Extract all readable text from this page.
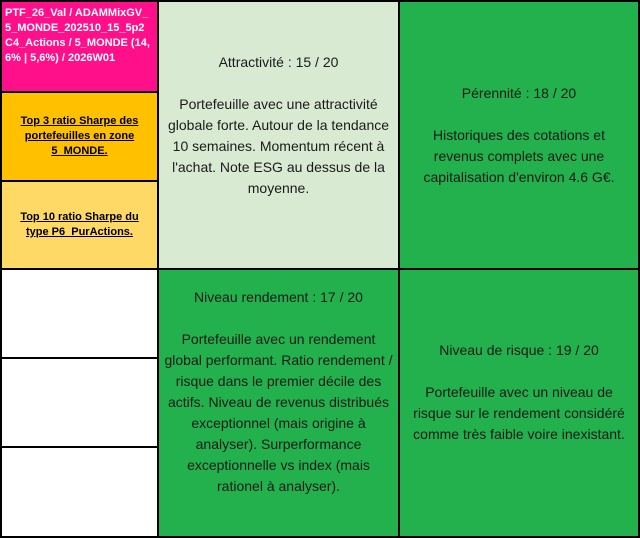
PTF_26_Val / ADAMMixGV_5_MONDE_202510_15_5p2 C4_Actions / 5_MONDE (14,6% | 5,6%) / 2026W01
Top 3 ratio Sharpe des portefeuilles en zone 5_MONDE.
Top 10 ratio Sharpe du type P6_PurActions.
Attractivité : 15 / 20
Portefeuille avec une attractivité globale forte. Autour de la tendance 10 semaines. Momentum récent à l'achat. Note ESG au dessus de la moyenne.
Pérennité : 18 / 20
Historiques des cotations et revenus complets avec une capitalisation d'environ 4.6 G€.
Niveau rendement : 17 / 20
Portefeuille avec un rendement global performant. Ratio rendement / risque dans le premier décile des actifs. Niveau de revenus distribués exceptionnel (mais origine à analyser). Surperformance exceptionnelle vs index (mais rationel à analyser).
Niveau de risque : 19 / 20
Portefeuille avec un niveau de risque sur le rendement considéré comme très faible voire inexistant.
